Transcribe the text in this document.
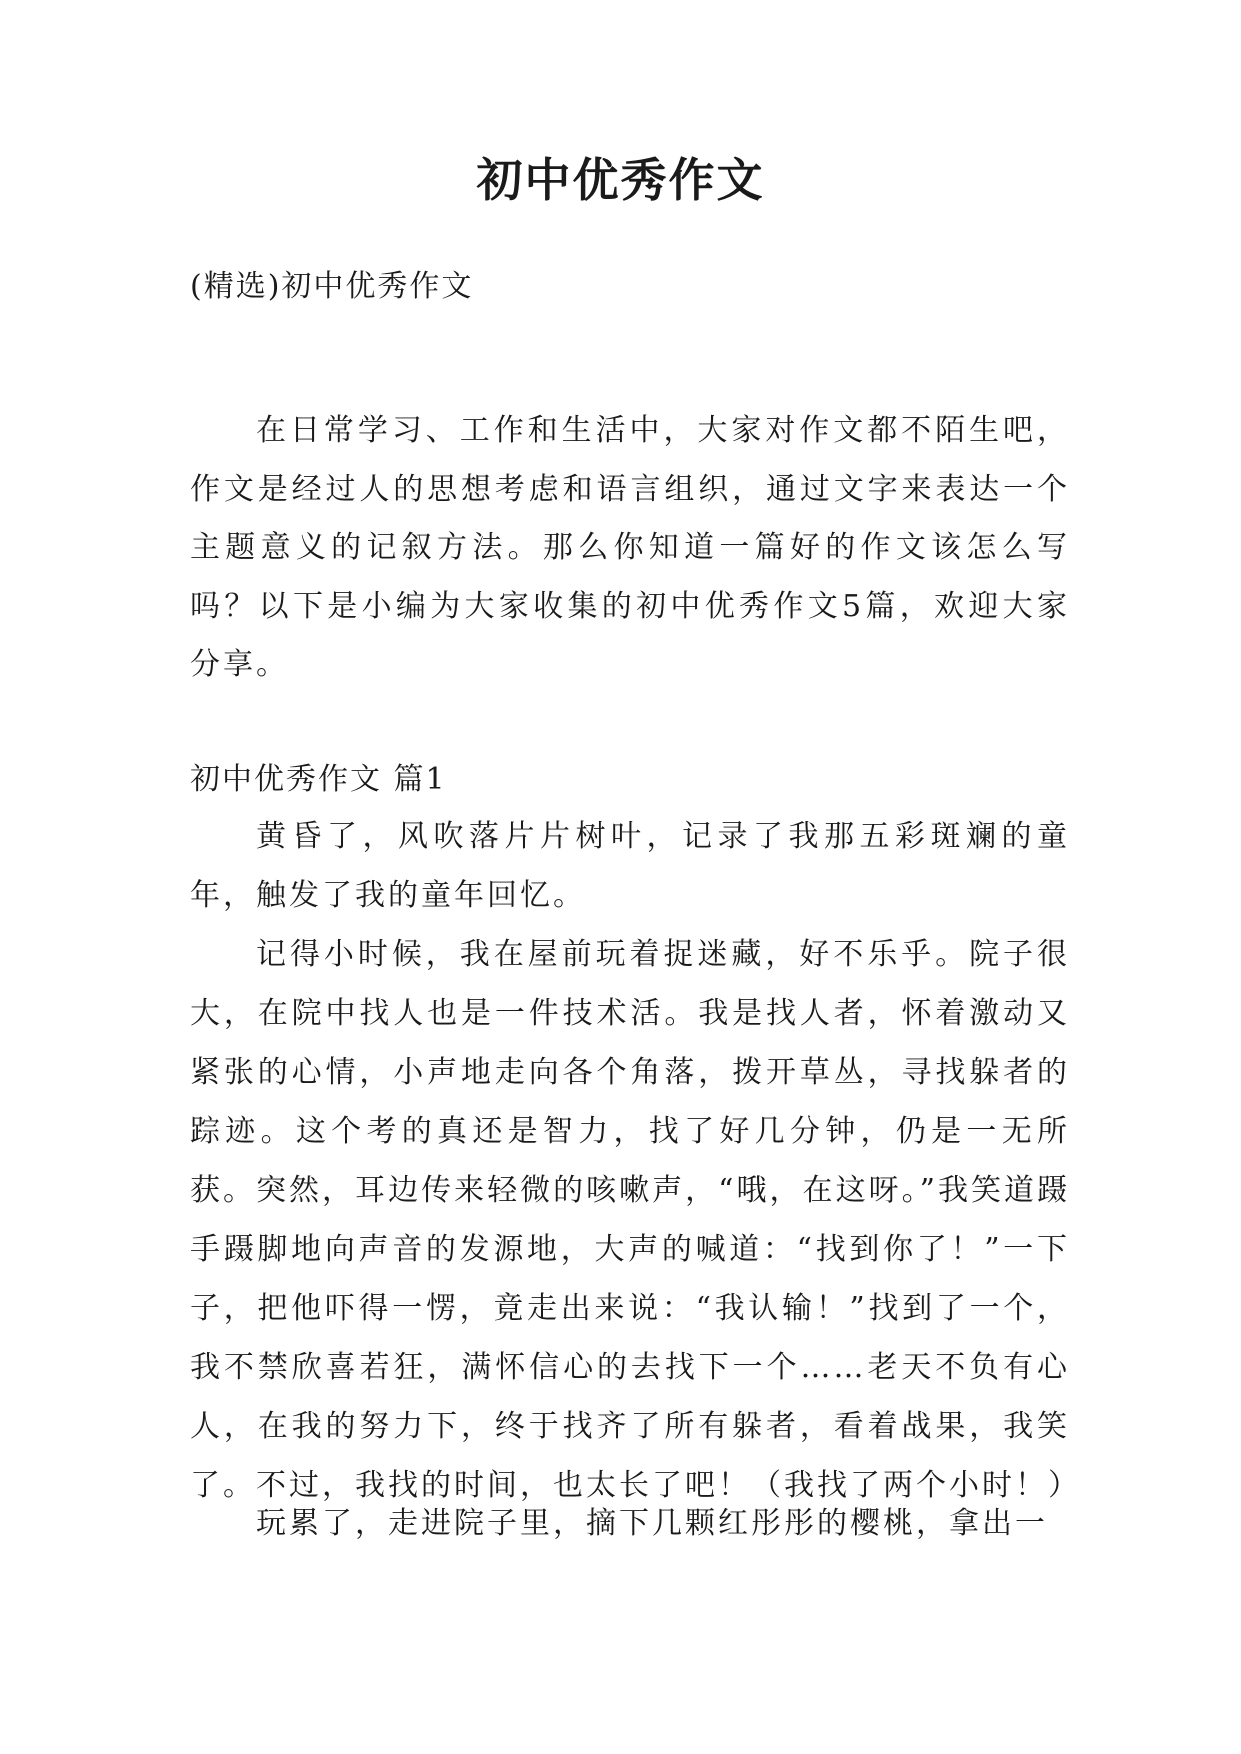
初中优秀作文

(精选)初中优秀作文

在日常学习、工作和生活中，大家对作文都不陌生吧，作文是经过人的思想考虑和语言组织，通过文字来表达一个主题意义的记叙方法。那么你知道一篇好的作文该怎么写吗？以下是小编为大家收集的初中优秀作文5篇，欢迎大家分享。

初中优秀作文 篇1

黄昏了，风吹落片片树叶，记录了我那五彩斑斓的童年，触发了我的童年回忆。

记得小时候，我在屋前玩着捉迷藏，好不乐乎。院子很大，在院中找人也是一件技术活。我是找人者，怀着激动又紧张的心情，小声地走向各个角落，拨开草丛，寻找躲者的踪迹。这个考的真还是智力，找了好几分钟，仍是一无所获。突然，耳边传来轻微的咳嗽声，“哦，在这呀。”我笑道蹑手蹑脚地向声音的发源地，大声的喊道：“找到你了！”一下子，把他吓得一愣，竟走出来说：“我认输！”找到了一个，我不禁欣喜若狂，满怀信心的去找下一个……老天不负有心人，在我的努力下，终于找齐了所有躲者，看着战果，我笑了。不过，我找的时间，也太长了吧！（我找了两个小时！）

玩累了，走进院子里，摘下几颗红彤彤的樱桃，拿出一
